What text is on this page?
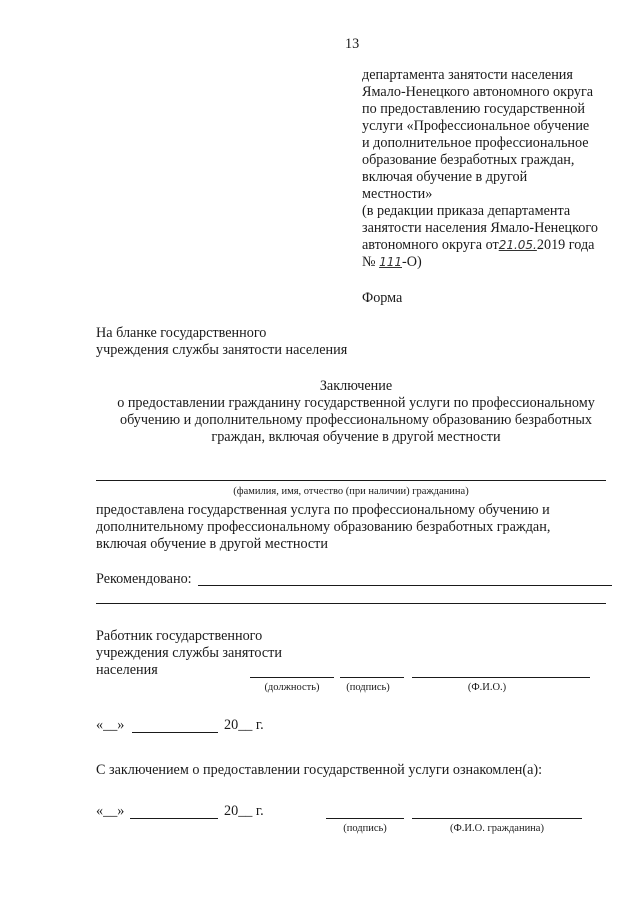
13
департамента занятости населения
Ямало-Ненецкого автономного округа
по предоставлению государственной
услуги «Профессиональное обучение
и дополнительное профессиональное
образование безработных граждан,
включая обучение в другой
местности»
(в редакции приказа департамента
занятости населения Ямало-Ненецкого
автономного округа от21.05.2019 года
№ 111-О)
Форма
На бланке государственного
учреждения службы занятости населения
Заключение
о предоставлении гражданину государственной услуги по профессиональному
обучению и дополнительному профессиональному образованию безработных
граждан, включая обучение в другой местности
(фамилия, имя, отчество (при наличии) гражданина)
предоставлена государственная услуга по профессиональному обучению и
дополнительному профессиональному образованию безработных граждан,
включая обучение в другой местности
Рекомендовано:
Работник государственного
учреждения службы занятости
населения
(должность)	(подпись)	(Ф.И.О.)
«__»	20__ г.
С заключением о предоставлении государственной услуги ознакомлен(а):
«__»	20__ г.
(подпись)	(Ф.И.О. гражданина)
